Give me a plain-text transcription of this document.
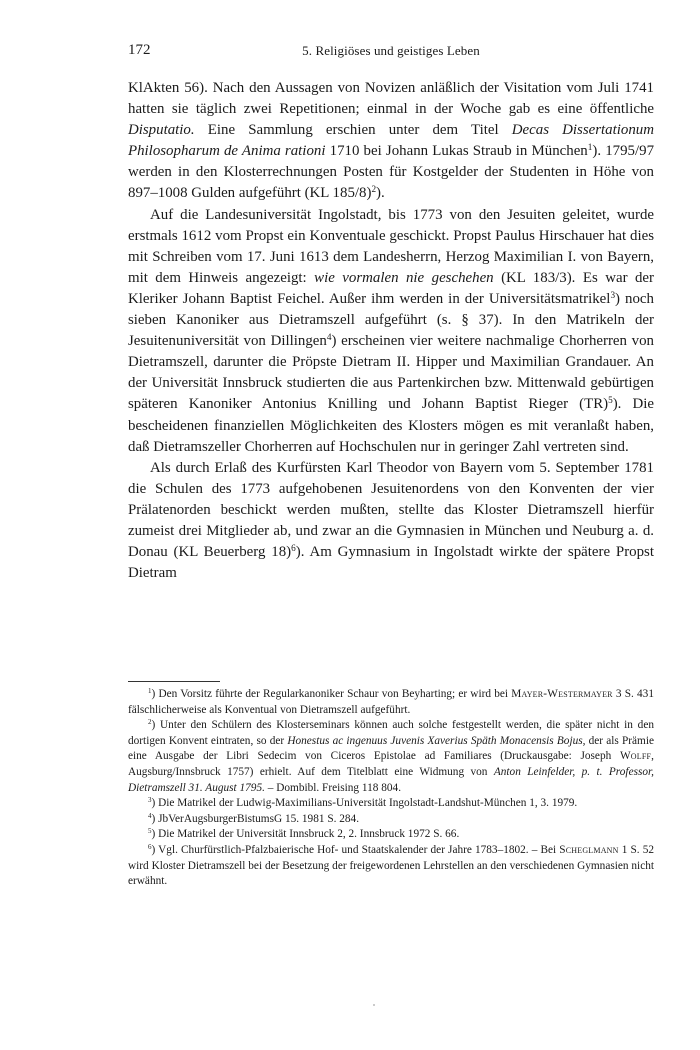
172	5. Religiöses und geistiges Leben

KlAkten 56). Nach den Aussagen von Novizen anläßlich der Visitation vom Juli 1741 hatten sie täglich zwei Repetitionen; einmal in der Woche gab es eine öffentliche Disputatio. Eine Sammlung erschien unter dem Titel Decas Dissertationum Philosopharum de Anima rationi 1710 bei Johann Lukas Straub in München$^1$). 1795/97 werden in den Klosterrechnungen Posten für Kostgelder der Studenten in Höhe von 897–1008 Gulden aufgeführt (KL 185/8)$^2$).

Auf die Landesuniversität Ingolstadt, bis 1773 von den Jesuiten geleitet, wurde erstmals 1612 vom Propst ein Konventuale geschickt. Propst Paulus Hirschauer hat dies mit Schreiben vom 17. Juni 1613 dem Landesherrn, Herzog Maximilian I. von Bayern, mit dem Hinweis angezeigt: wie vormalen nie geschehen (KL 183/3). Es war der Kleriker Johann Baptist Feichel. Außer ihm werden in der Universitätsmatrikel$^3$) noch sieben Kanoniker aus Dietramszell aufgeführt (s. § 37). In den Matrikeln der Jesuitenuniversität von Dillingen$^4$) erscheinen vier weitere nachmalige Chorherren von Dietramszell, darunter die Pröpste Dietram II. Hipper und Maximilian Grandauer. An der Universität Innsbruck studierten die aus Partenkirchen bzw. Mittenwald gebürtigen späteren Kanoniker Antonius Knilling und Johann Baptist Rieger (TR)$^5$). Die bescheidenen finanziellen Möglichkeiten des Klosters mögen es mit veranlaßt haben, daß Dietramszeller Chorherren auf Hochschulen nur in geringer Zahl vertreten sind.

Als durch Erlaß des Kurfürsten Karl Theodor von Bayern vom 5. September 1781 die Schulen des 1773 aufgehobenen Jesuitenordens von den Konventen der vier Prälatenorden beschickt werden mußten, stellte das Kloster Dietramszell hierfür zumeist drei Mitglieder ab, und zwar an die Gymnasien in München und Neuburg a. d. Donau (KL Beuerberg 18)$^6$). Am Gymnasium in Ingolstadt wirkte der spätere Propst Dietram

$^1$) Den Vorsitz führte der Regularkanoniker Schaur von Beyharting; er wird bei Mayer-Westermayer 3 S. 431 fälschlicherweise als Konventual von Dietramszell aufgeführt.

$^2$) Unter den Schülern des Klosterseminars können auch solche festgestellt werden, die später nicht in den dortigen Konvent eintraten, so der Honestus ac ingenuus Juvenis Xaverius Späth Monacensis Bojus, der als Prämie eine Ausgabe der Libri Sedecim von Ciceros Epistolae ad Familiares (Druckausgabe: Joseph Wolff, Augsburg/Innsbruck 1757) erhielt. Auf dem Titelblatt eine Widmung von Anton Leinfelder, p. t. Professor, Dietramszell 31. August 1795. – Dombibl. Freising 118 804.

$^3$) Die Matrikel der Ludwig-Maximilians-Universität Ingolstadt-Landshut-München 1, 3. 1979.

$^4$) JbVerAugsburgerBistumsG 15. 1981 S. 284.

$^5$) Die Matrikel der Universität Innsbruck 2, 2. Innsbruck 1972 S. 66.

$^6$) Vgl. Churfürstlich-Pfalzbaierische Hof- und Staatskalender der Jahre 1783–1802. – Bei Scheglmann 1 S. 52 wird Kloster Dietramszell bei der Besetzung der freigewordenen Lehrstellen an den verschiedenen Gymnasien nicht erwähnt.
